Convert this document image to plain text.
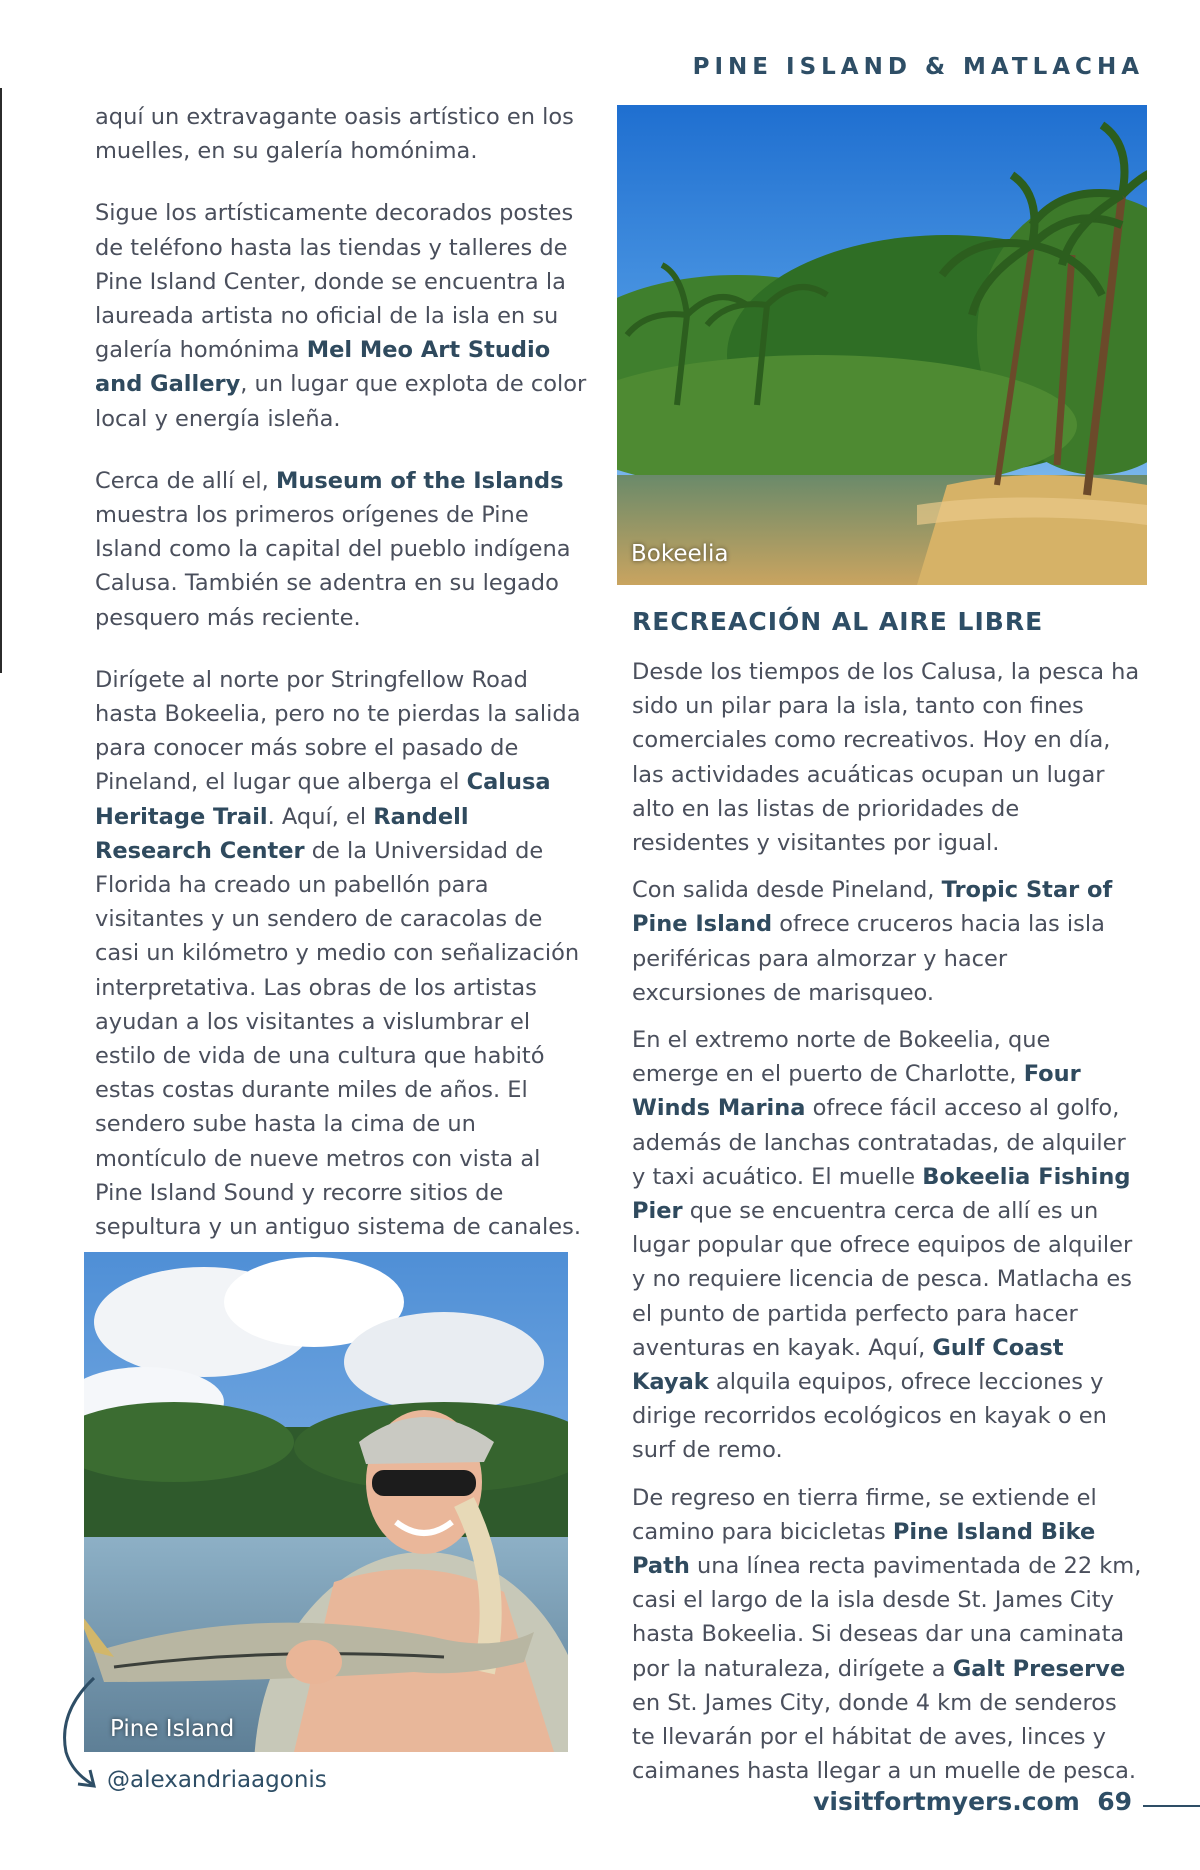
PINE ISLAND & MATLACHA

aquí un extravagante oasis artístico en los muelles, en su galería homónima.

Sigue los artísticamente decorados postes de teléfono hasta las tiendas y talleres de Pine Island Center, donde se encuentra la laureada artista no oficial de la isla en su galería homónima Mel Meo Art Studio and Gallery, un lugar que explota de color local y energía isleña.

Cerca de allí el, Museum of the Islands muestra los primeros orígenes de Pine Island como la capital del pueblo indígena Calusa. También se adentra en su legado pesquero más reciente.

Dirígete al norte por Stringfellow Road hasta Bokeelia, pero no te pierdas la salida para conocer más sobre el pasado de Pineland, el lugar que alberga el Calusa Heritage Trail. Aquí, el Randell Research Center de la Universidad de Florida ha creado un pabellón para visitantes y un sendero de caracolas de casi un kilómetro y medio con señalización interpretativa. Las obras de los artistas ayudan a los visitantes a vislumbrar el estilo de vida de una cultura que habitó estas costas durante miles de años. El sendero sube hasta la cima de un montículo de nueve metros con vista al Pine Island Sound y recorre sitios de sepultura y un antiguo sistema de canales.

Bokeelia
RECREACIÓN AL AIRE LIBRE

Desde los tiempos de los Calusa, la pesca ha sido un pilar para la isla, tanto con fines comerciales como recreativos. Hoy en día, las actividades acuáticas ocupan un lugar alto en las listas de prioridades de residentes y visitantes por igual.

Con salida desde Pineland, Tropic Star of Pine Island ofrece cruceros hacia las isla periféricas para almorzar y hacer excursiones de marisqueo.

En el extremo norte de Bokeelia, que emerge en el puerto de Charlotte, Four Winds Marina ofrece fácil acceso al golfo, además de lanchas contratadas, de alquiler y taxi acuático. El muelle Bokeelia Fishing Pier que se encuentra cerca de allí es un lugar popular que ofrece equipos de alquiler y no requiere licencia de pesca. Matlacha es el punto de partida perfecto para hacer aventuras en kayak. Aquí, Gulf Coast Kayak alquila equipos, ofrece lecciones y dirige recorridos ecológicos en kayak o en surf de remo.

De regreso en tierra firme, se extiende el camino para bicicletas Pine Island Bike Path una línea recta pavimentada de 22 km, casi el largo de la isla desde St. James City hasta Bokeelia. Si deseas dar una caminata por la naturaleza, dirígete a Galt Preserve en St. James City, donde 4 km de senderos te llevarán por el hábitat de aves, linces y caimanes hasta llegar a un muelle de pesca.

Pine Island
@alexandriaagonis
visitfortmyers.com 69
